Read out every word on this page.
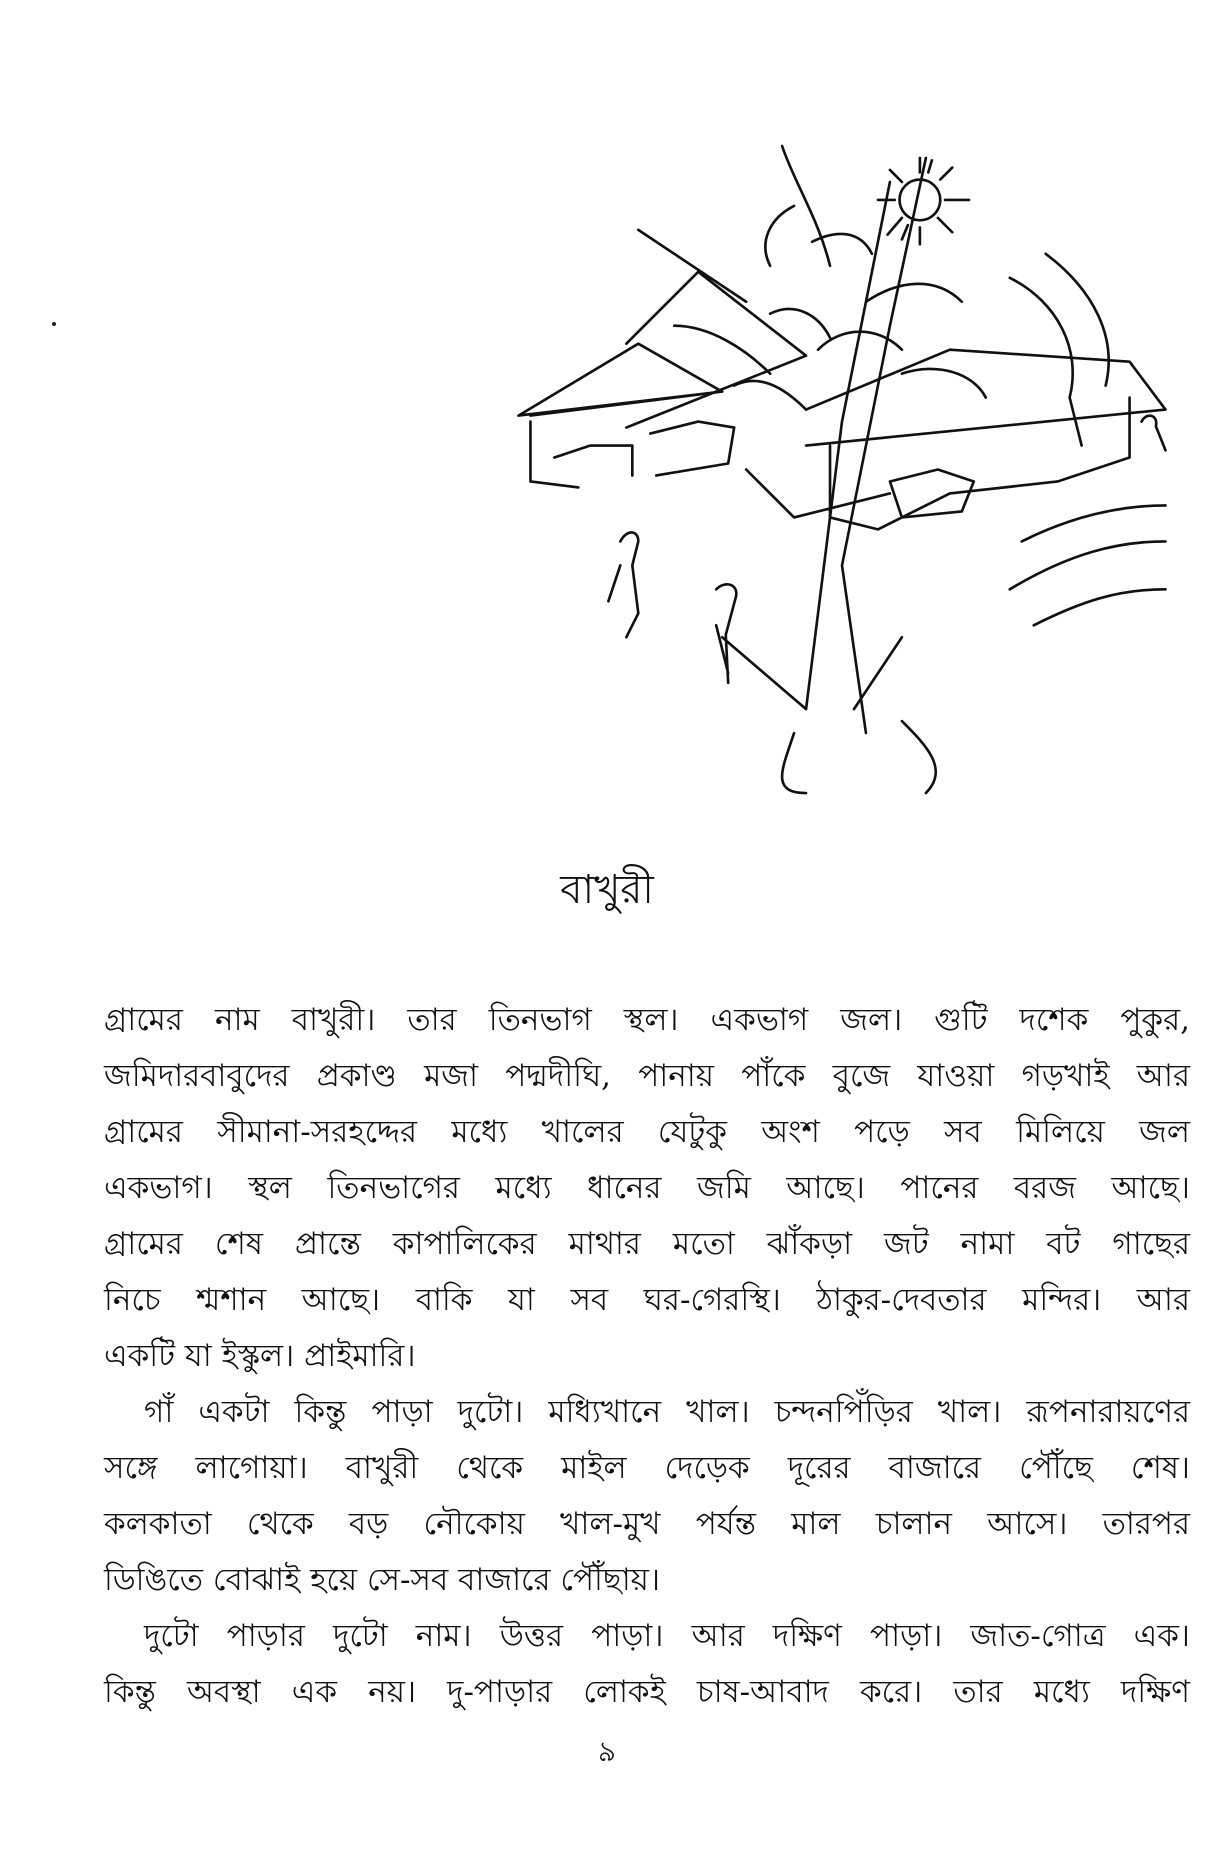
বাখুরী
গ্রামের নাম বাখুরী। তার তিনভাগ স্থল। একভাগ জল। গুটি দশেক পুকুর,
জমিদারবাবুদের প্রকাণ্ড মজা পদ্মদীঘি, পানায় পাঁকে বুজে যাওয়া গড়খাই আর
গ্রামের সীমানা-সরহদ্দের মধ্যে খালের যেটুকু অংশ পড়ে সব মিলিয়ে জল
একভাগ। স্থল তিনভাগের মধ্যে ধানের জমি আছে। পানের বরজ আছে।
গ্রামের শেষ প্রান্তে কাপালিকের মাথার মতো ঝাঁকড়া জট নামা বট গাছের
নিচে শ্মশান আছে। বাকি যা সব ঘর-গেরস্থি। ঠাকুর-দেবতার মন্দির। আর
একটি যা ইস্কুল। প্রাইমারি।
গাঁ একটা কিন্তু পাড়া দুটো। মধ্যিখানে খাল। চন্দনপিঁড়ির খাল। রূপনারায়ণের
সঙ্গে লাগোয়া। বাখুরী থেকে মাইল দেড়েক দূরের বাজারে পৌঁছে শেষ।
কলকাতা থেকে বড় নৌকোয় খাল-মুখ পর্যন্ত মাল চালান আসে। তারপর
ডিঙিতে বোঝাই হয়ে সে-সব বাজারে পৌঁছায়।
দুটো পাড়ার দুটো নাম। উত্তর পাড়া। আর দক্ষিণ পাড়া। জাত-গোত্র এক।
কিন্তু অবস্থা এক নয়। দু-পাড়ার লোকই চাষ-আবাদ করে। তার মধ্যে দক্ষিণ
৯
